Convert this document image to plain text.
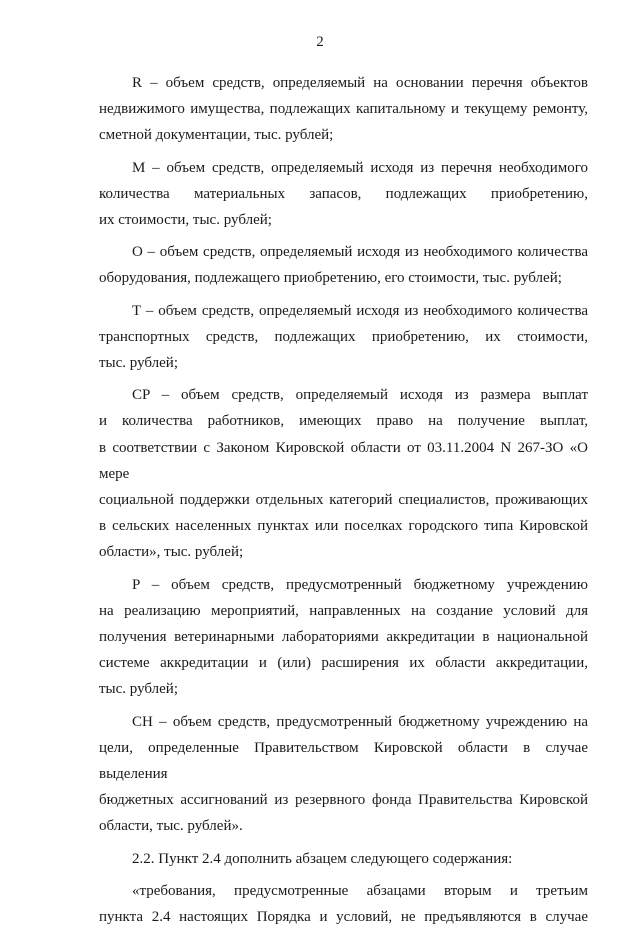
2

R – объем средств, определяемый на основании перечня объектов
недвижимого имущества, подлежащих капитальному и текущему ремонту,
сметной документации, тыс. рублей;

M – объем средств, определяемый исходя из перечня необходимого
количества материальных запасов, подлежащих приобретению,
их стоимости, тыс. рублей;

O – объем средств, определяемый исходя из необходимого количества
оборудования, подлежащего приобретению, его стоимости, тыс. рублей;

T – объем средств, определяемый исходя из необходимого количества
транспортных средств, подлежащих приобретению, их стоимости,
тыс. рублей;

CP – объем средств, определяемый исходя из размера выплат
и количества работников, имеющих право на получение выплат,
в соответствии с Законом Кировской области от 03.11.2004 N 267-ЗО «О мере
социальной поддержки отдельных категорий специалистов, проживающих
в сельских населенных пунктах или поселках городского типа Кировской
области», тыс. рублей;

P – объем средств, предусмотренный бюджетному учреждению
на реализацию мероприятий, направленных на создание условий для
получения ветеринарными лабораториями аккредитации в национальной
системе аккредитации и (или) расширения их области аккредитации,
тыс. рублей;

CH – объем средств, предусмотренный бюджетному учреждению на
цели, определенные Правительством Кировской области в случае выделения
бюджетных ассигнований из резервного фонда Правительства Кировской
области, тыс. рублей».

2.2. Пункт 2.4 дополнить абзацем следующего содержания:

«требования, предусмотренные абзацами вторым и третьим
пункта 2.4 настоящих Порядка и условий, не предъявляются в случае
